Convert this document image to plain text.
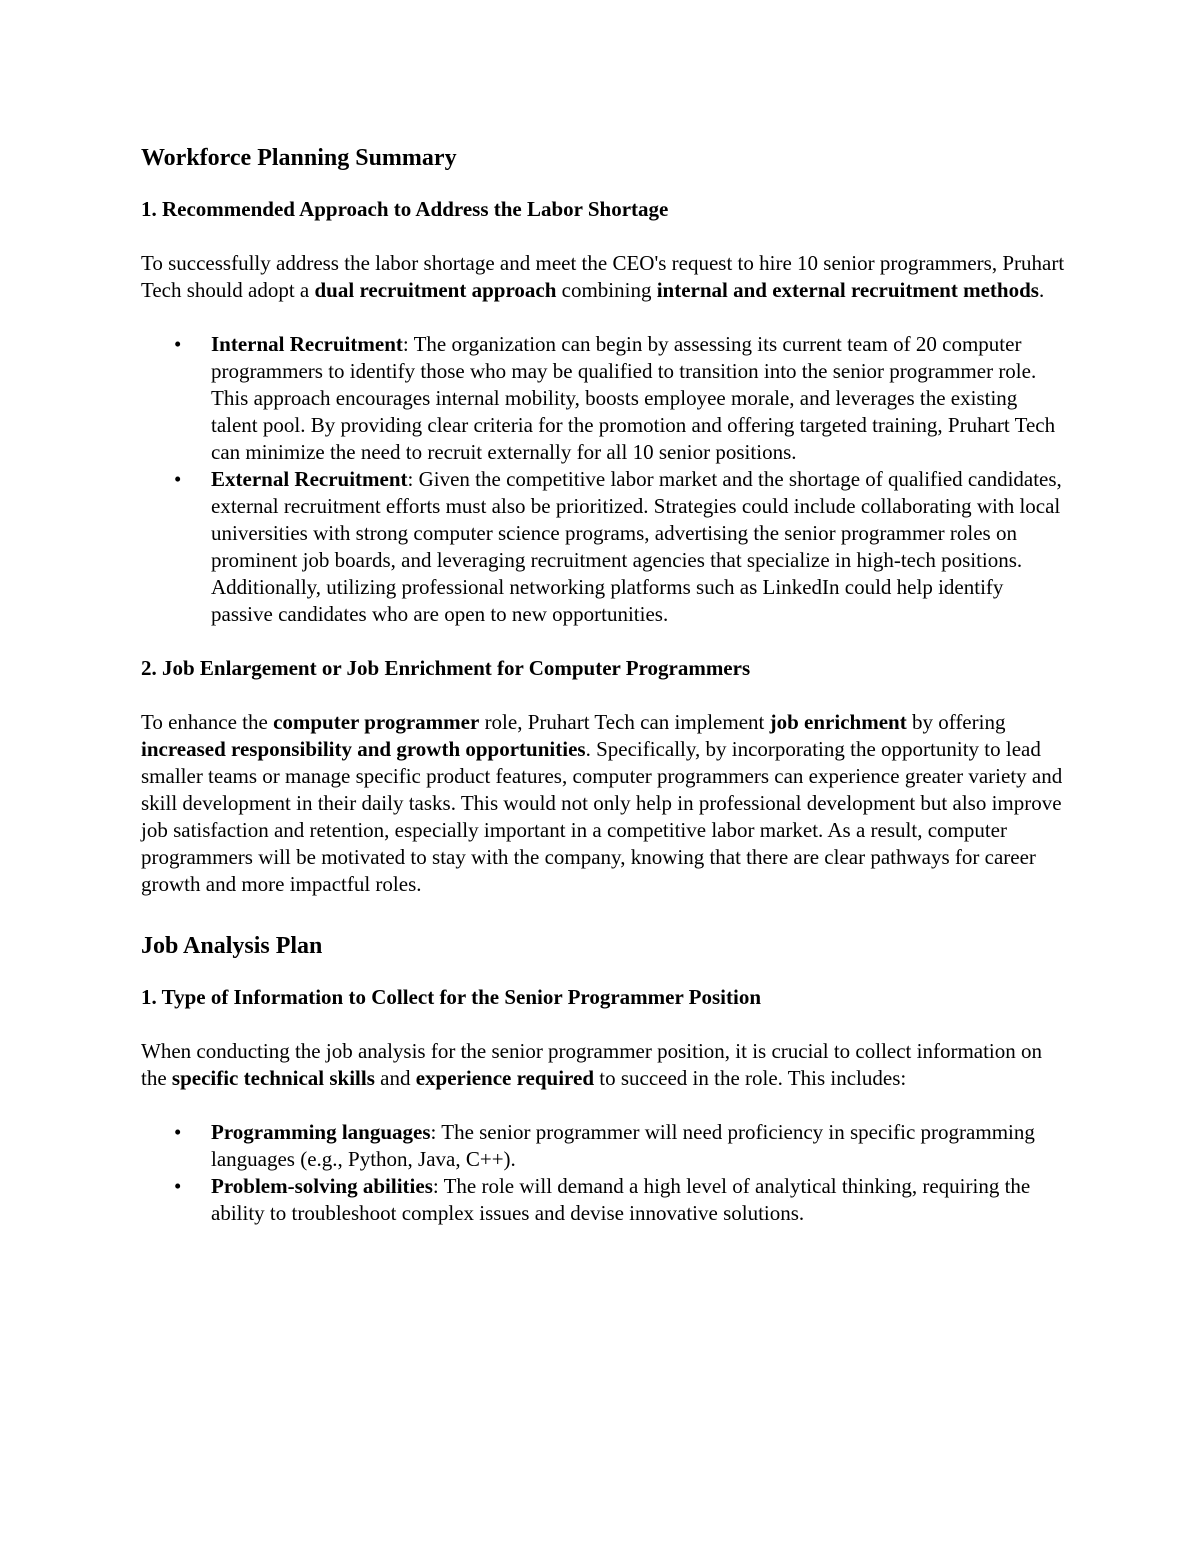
Workforce Planning Summary
1. Recommended Approach to Address the Labor Shortage

To successfully address the labor shortage and meet the CEO's request to hire 10 senior programmers, Pruhart Tech should adopt a dual recruitment approach combining internal and external recruitment methods.

• Internal Recruitment: The organization can begin by assessing its current team of 20 computer programmers to identify those who may be qualified to transition into the senior programmer role. This approach encourages internal mobility, boosts employee morale, and leverages the existing talent pool. By providing clear criteria for the promotion and offering targeted training, Pruhart Tech can minimize the need to recruit externally for all 10 senior positions.
• External Recruitment: Given the competitive labor market and the shortage of qualified candidates, external recruitment efforts must also be prioritized. Strategies could include collaborating with local universities with strong computer science programs, advertising the senior programmer roles on prominent job boards, and leveraging recruitment agencies that specialize in high-tech positions. Additionally, utilizing professional networking platforms such as LinkedIn could help identify passive candidates who are open to new opportunities.
2. Job Enlargement or Job Enrichment for Computer Programmers

To enhance the computer programmer role, Pruhart Tech can implement job enrichment by offering increased responsibility and growth opportunities. Specifically, by incorporating the opportunity to lead smaller teams or manage specific product features, computer programmers can experience greater variety and skill development in their daily tasks. This would not only help in professional development but also improve job satisfaction and retention, especially important in a competitive labor market. As a result, computer programmers will be motivated to stay with the company, knowing that there are clear pathways for career growth and more impactful roles.

Job Analysis Plan
1. Type of Information to Collect for the Senior Programmer Position

When conducting the job analysis for the senior programmer position, it is crucial to collect information on the specific technical skills and experience required to succeed in the role. This includes:

• Programming languages: The senior programmer will need proficiency in specific programming languages (e.g., Python, Java, C++).
• Problem-solving abilities: The role will demand a high level of analytical thinking, requiring the ability to troubleshoot complex issues and devise innovative solutions.
